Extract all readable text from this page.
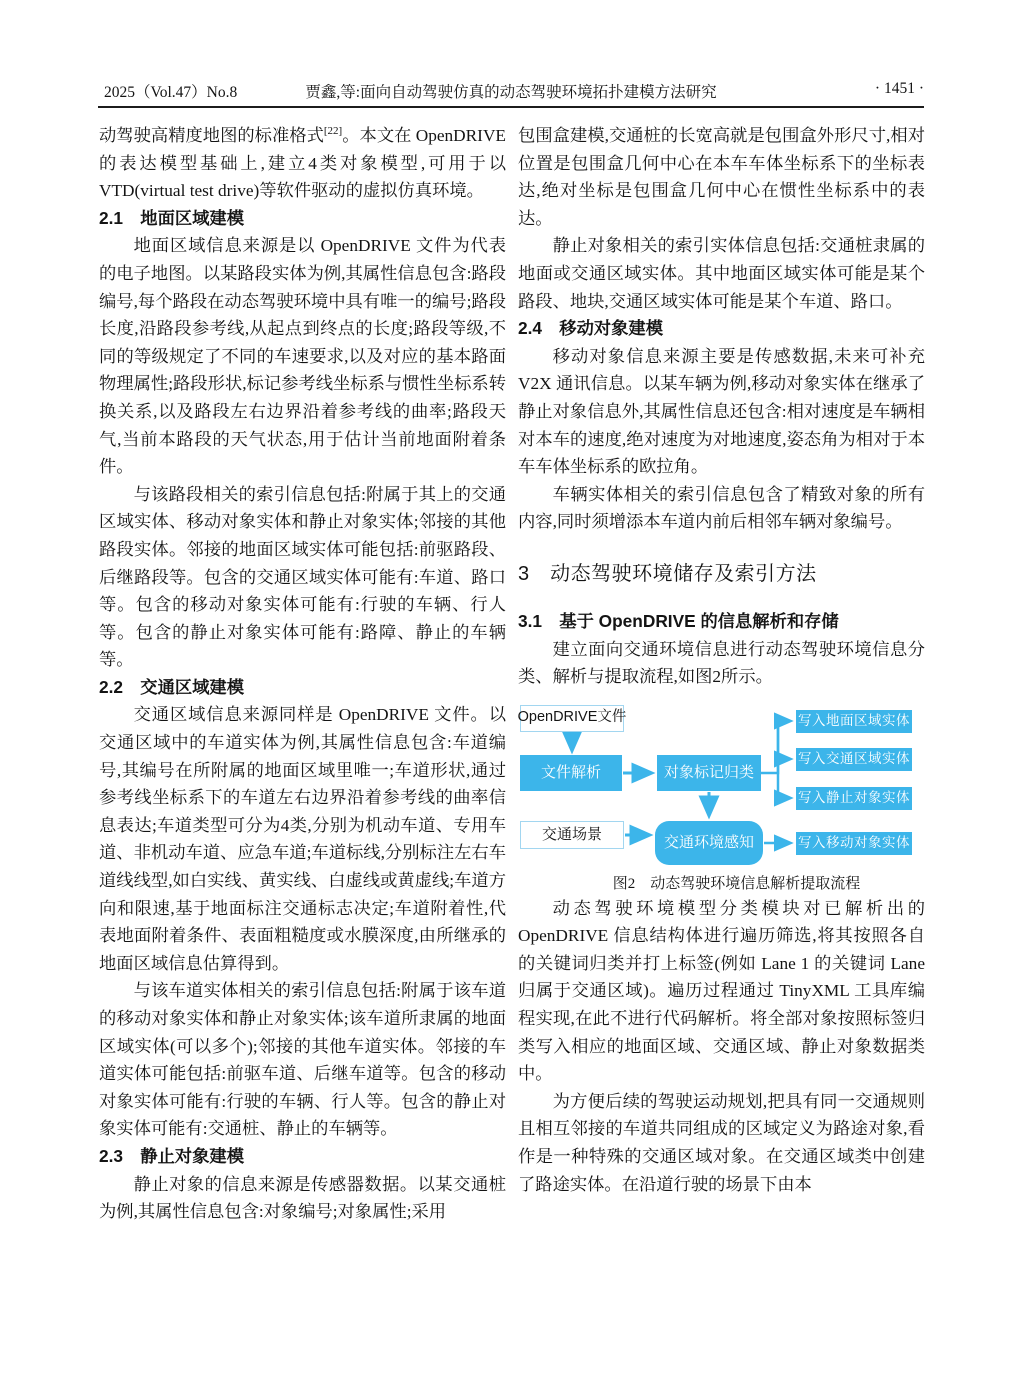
2025（Vol.47）No.8	贾鑫,等:面向自动驾驶仿真的动态驾驶环境拓扑建模方法研究	· 1451 ·

动驾驶高精度地图的标准格式[22]。本文在 OpenDRIVE 的表达模型基础上,建立4类对象模型,可用于以 VTD(virtual test drive)等软件驱动的虚拟仿真环境。

2.1　地面区域建模

地面区域信息来源是以 OpenDRIVE 文件为代表的电子地图。以某路段实体为例,其属性信息包含:路段编号,每个路段在动态驾驶环境中具有唯一的编号;路段长度,沿路段参考线,从起点到终点的长度;路段等级,不同的等级规定了不同的车速要求,以及对应的基本路面物理属性;路段形状,标记参考线坐标系与惯性坐标系转换关系,以及路段左右边界沿着参考线的曲率;路段天气,当前本路段的天气状态,用于估计当前地面附着条件。

与该路段相关的索引信息包括:附属于其上的交通区域实体、移动对象实体和静止对象实体;邻接的其他路段实体。邻接的地面区域实体可能包括:前驱路段、后继路段等。包含的交通区域实体可能有:车道、路口等。包含的移动对象实体可能有:行驶的车辆、行人等。包含的静止对象实体可能有:路障、静止的车辆等。

2.2　交通区域建模

交通区域信息来源同样是 OpenDRIVE 文件。以交通区域中的车道实体为例,其属性信息包含:车道编号,其编号在所附属的地面区域里唯一;车道形状,通过参考线坐标系下的车道左右边界沿着参考线的曲率信息表达;车道类型可分为4类,分别为机动车道、专用车道、非机动车道、应急车道;车道标线,分别标注左右车道线线型,如白实线、黄实线、白虚线或黄虚线;车道方向和限速,基于地面标注交通标志决定;车道附着性,代表地面附着条件、表面粗糙度或水膜深度,由所继承的地面区域信息估算得到。

与该车道实体相关的索引信息包括:附属于该车道的移动对象实体和静止对象实体;该车道所隶属的地面区域实体(可以多个);邻接的其他车道实体。邻接的车道实体可能包括:前驱车道、后继车道等。包含的移动对象实体可能有:行驶的车辆、行人等。包含的静止对象实体可能有:交通桩、静止的车辆等。

2.3　静止对象建模

静止对象的信息来源是传感器数据。以某交通桩为例,其属性信息包含:对象编号;对象属性;采用

包围盒建模,交通桩的长宽高就是包围盒外形尺寸,相对位置是包围盒几何中心在本车车体坐标系下的坐标表达,绝对坐标是包围盒几何中心在惯性坐标系中的表达。

静止对象相关的索引实体信息包括:交通桩隶属的地面或交通区域实体。其中地面区域实体可能是某个路段、地块,交通区域实体可能是某个车道、路口。

2.4　移动对象建模

移动对象信息来源主要是传感数据,未来可补充 V2X 通讯信息。以某车辆为例,移动对象实体在继承了静止对象信息外,其属性信息还包含:相对速度是车辆相对本车的速度,绝对速度为对地速度,姿态角为相对于本车车体坐标系的欧拉角。

车辆实体相关的索引信息包含了精致对象的所有内容,同时须增添本车道内前后相邻车辆对象编号。

3　动态驾驶环境储存及索引方法
3.1　基于 OpenDRIVE 的信息解析和存储

建立面向交通环境信息进行动态驾驶环境信息分类、解析与提取流程,如图2所示。

OpenDRIVE文件
文件解析	对象标记归类
交通场景	交通环境感知
写入地面区域实体
写入交通区域实体
写入静止对象实体
写入移动对象实体

图2　动态驾驶环境信息解析提取流程

动态驾驶环境模型分类模块对已解析出的 OpenDRIVE 信息结构体进行遍历筛选,将其按照各自的关键词归类并打上标签(例如 Lane 1 的关键词 Lane 归属于交通区域)。遍历过程通过 TinyXML 工具库编程实现,在此不进行代码解析。将全部对象按照标签归类写入相应的地面区域、交通区域、静止对象数据类中。

为方便后续的驾驶运动规划,把具有同一交通规则且相互邻接的车道共同组成的区域定义为路途对象,看作是一种特殊的交通区域对象。在交通区域类中创建了路途实体。在沿道行驶的场景下由本
